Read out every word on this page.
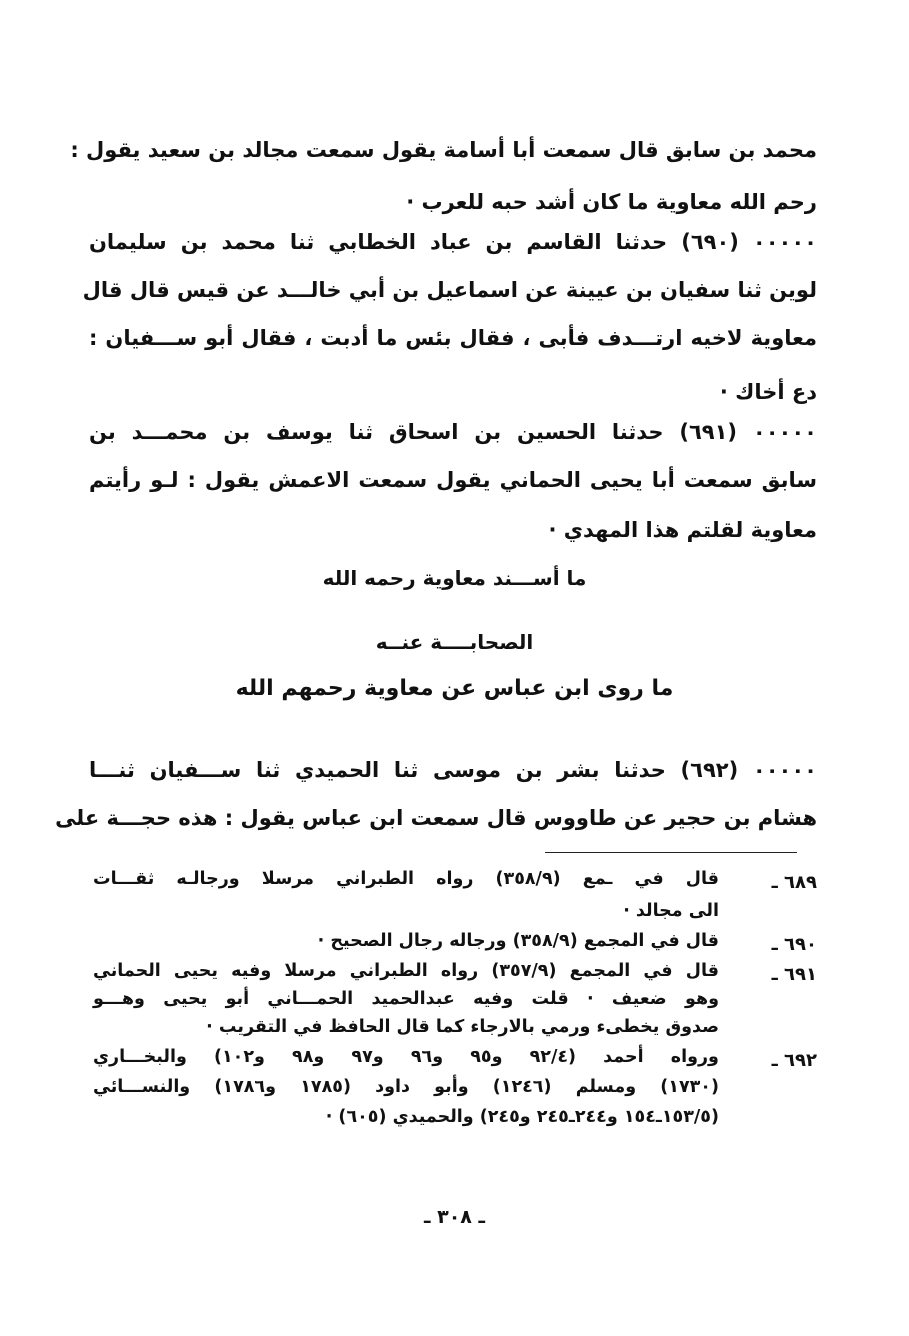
محمد بن سابق قال سمعت أبا أسامة يقول سمعت مجالد بن سعيد يقول :
رحم الله معاوية ما كان أشد حبه للعرب ·
٠٠٠٠٠ (٦٩٠) حدثنا القاسم بن عباد الخطابي ثنا محمد بن سليمان
لوين ثنا سفيان بن عيينة عن اسماعيل بن أبي خالـــد عن قيس قال قال
معاوية لاخيه ارتـــدف فأبى ، فقال بئس ما أدبت ، فقال أبو ســـفيان :
دع أخاك ·
٠٠٠٠٠ (٦٩١) حدثنا الحسين بن اسحاق ثنا يوسف بن محمـــد بن
سابق سمعت أبا يحيى الحماني يقول سمعت الاعمش يقول : لـو رأيتم
معاوية لقلتم هذا المهدي ·
ما أســـند معاوية رحمه الله
الصحابــــة عنــه
ما روى ابن عباس عن معاوية رحمهم الله
٠٠٠٠٠ (٦٩٢) حدثنا بشر بن موسى ثنا الحميدي ثنا ســـفيان ثنـــا
هشام بن حجير عن طاووس قال سمعت ابن عباس يقول : هذه حجـــة على
٦٨٩ ـ
قال في ـمع (٣٥٨/٩) رواه الطبراني مرسلا ورجالـه ثقـــات
الى مجالد ·
٦٩٠ ـ
قال في المجمع (٣٥٨/٩) ورجاله رجال الصحيح ·
٦٩١ ـ
قال في المجمع (٣٥٧/٩) رواه الطبراني مرسلا وفيه يحيى الحماني
وهو ضعيف · قلت وفيه عبدالحميد الحمـــاني أبو يحيى وهـــو
صدوق يخطىء ورمي بالارجاء كما قال الحافظ في التقريب ·
٦٩٢ ـ
ورواه أحمد (٩٢/٤ و٩٥ و٩٦ و٩٧ و٩٨ و١٠٢) والبخـــاري
(١٧٣٠) ومسلم (١٢٤٦) وأبو داود (١٧٨٥ و١٧٨٦) والنســـائي
(١٥٣/٥ـ١٥٤ و٢٤٤ـ٢٤٥ و٢٤٥) والحميدي (٦٠٥) ·
ـ ٣٠٨ ـ
